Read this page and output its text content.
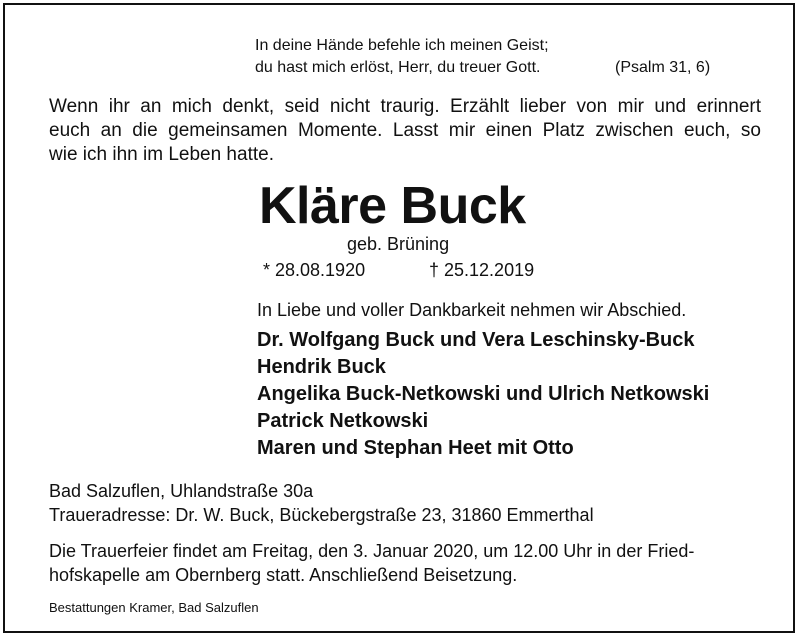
In deine Hände befehle ich meinen Geist;
du hast mich erlöst, Herr, du treuer Gott.	(Psalm 31, 6)
Wenn ihr an mich denkt, seid nicht traurig. Erzählt lieber von mir und erinnert
euch an die gemeinsamen Momente. Lasst mir einen Platz zwischen euch, so
wie ich ihn im Leben hatte.
Kläre Buck
geb. Brüning
* 28.08.1920	† 25.12.2019
In Liebe und voller Dankbarkeit nehmen wir Abschied.
Dr. Wolfgang Buck und Vera Leschinsky-Buck
Hendrik Buck
Angelika Buck-Netkowski und Ulrich Netkowski
Patrick Netkowski
Maren und Stephan Heet mit Otto
Bad Salzuflen, Uhlandstraße 30a
Traueradresse: Dr. W. Buck, Bückebergstraße 23, 31860 Emmerthal
Die Trauerfeier findet am Freitag, den 3. Januar 2020, um 12.00 Uhr in der Fried-
hofskapelle am Obernberg statt. Anschließend Beisetzung.
Bestattungen Kramer, Bad Salzuflen
